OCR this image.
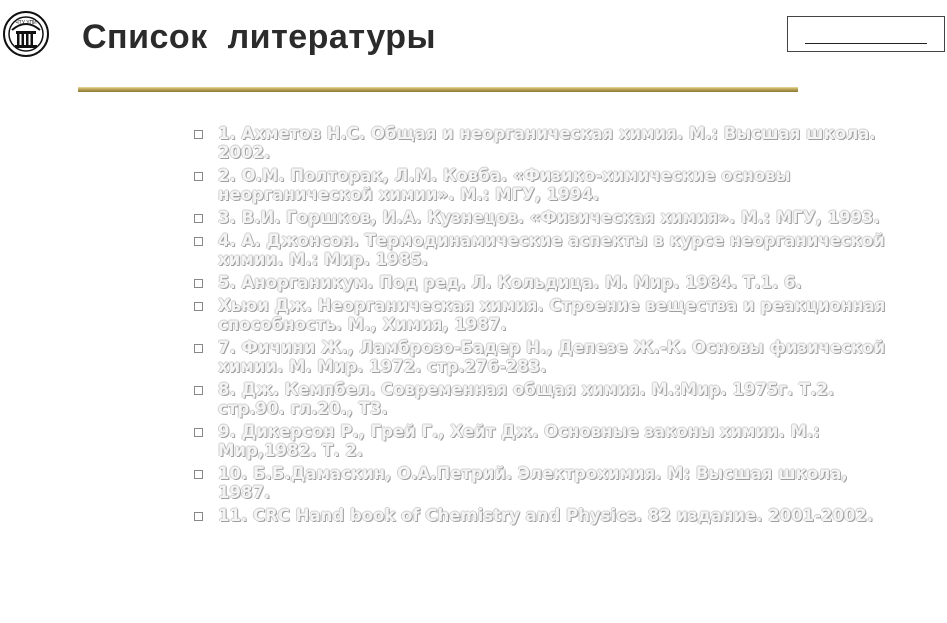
ЧТУ УПИ Список  литературы
1. Ахметов Н.С. Общая и неорганическая химия. М.: Высшая школа. 2002.
2. О.М. Полторак, Л.М. Ковба. «Физико-химические основы неорганической химии». М.: МГУ, 1994.
3. В.И. Горшков, И.А. Кузнецов. «Физическая химия». М.: МГУ, 1993.
4. А. Джонсон. Термодинамические аспекты в курсе неорганической химии. М.: Мир. 1985.
5. Анорганикум. Под ред. Л. Кольдица. М. Мир. 1984. Т.1. 6.
Хьюи Дж. Неорганическая химия. Строение вещества и реакционная способность. М., Химия, 1987.
7. Фичини Ж., Ламброзо-Бадер Н., Депезе Ж.-К. Основы физической химии. М. Мир. 1972. стр.276-283.
8. Дж. Кемпбел. Современная общая химия. М.:Мир. 1975г. Т.2. стр.90. гл.20., Т3.
9. Дикерсон Р., Грей Г., Хейт Дж. Основные законы химии. М.: Мир,1982. Т. 2.
10. Б.Б.Дамаскин, О.А.Петрий. Электрохимия. М: Высшая школа, 1987.
11. CRC Hand book of Chemistry and Physics. 82 издание. 2001-2002.
